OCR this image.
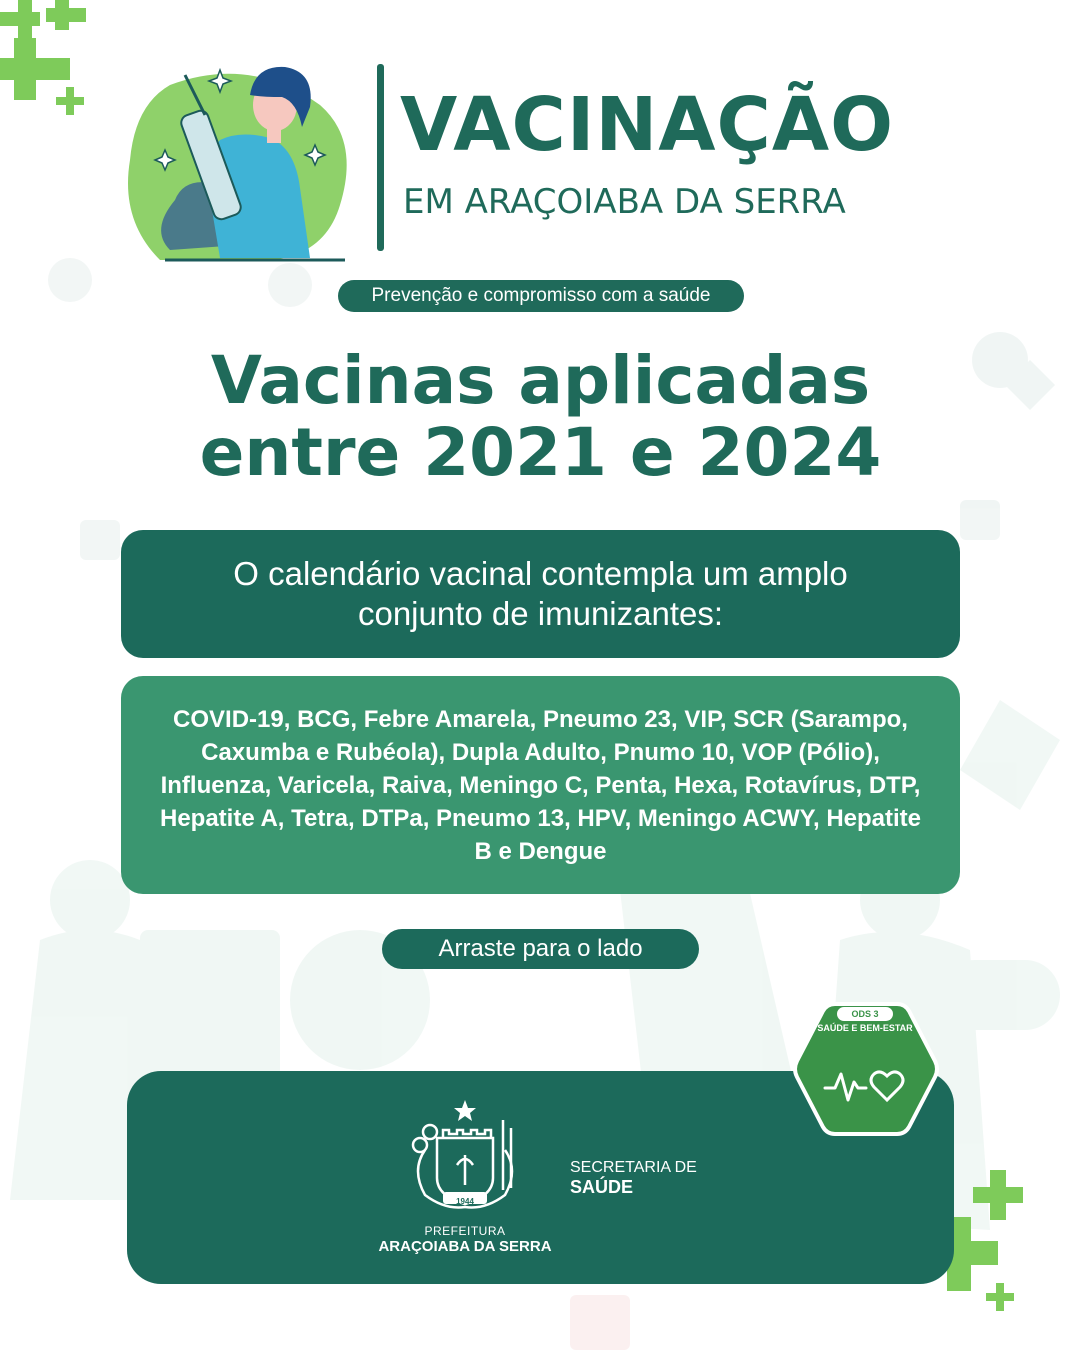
VACINAÇÃO
EM ARAÇOIABA DA SERRA
Prevenção e compromisso com a saúde
Vacinas aplicadas
entre 2021 e 2024
O calendário vacinal contempla um amplo conjunto de imunizantes:
COVID-19, BCG, Febre Amarela, Pneumo 23, VIP, SCR (Sarampo, Caxumba e Rubéola), Dupla Adulto, Pnumo 10, VOP (Pólio), Influenza, Varicela, Raiva, Meningo C, Penta, Hexa, Rotavírus, DTP, Hepatite A, Tetra, DTPa, Pneumo 13, HPV, Meningo ACWY, Hepatite B e Dengue
Arraste para o lado
1944
PREFEITURA
ARAÇOIABA DA SERRA
SECRETARIA DE
SAÚDE
ODS 3
SAÚDE E BEM-ESTAR
